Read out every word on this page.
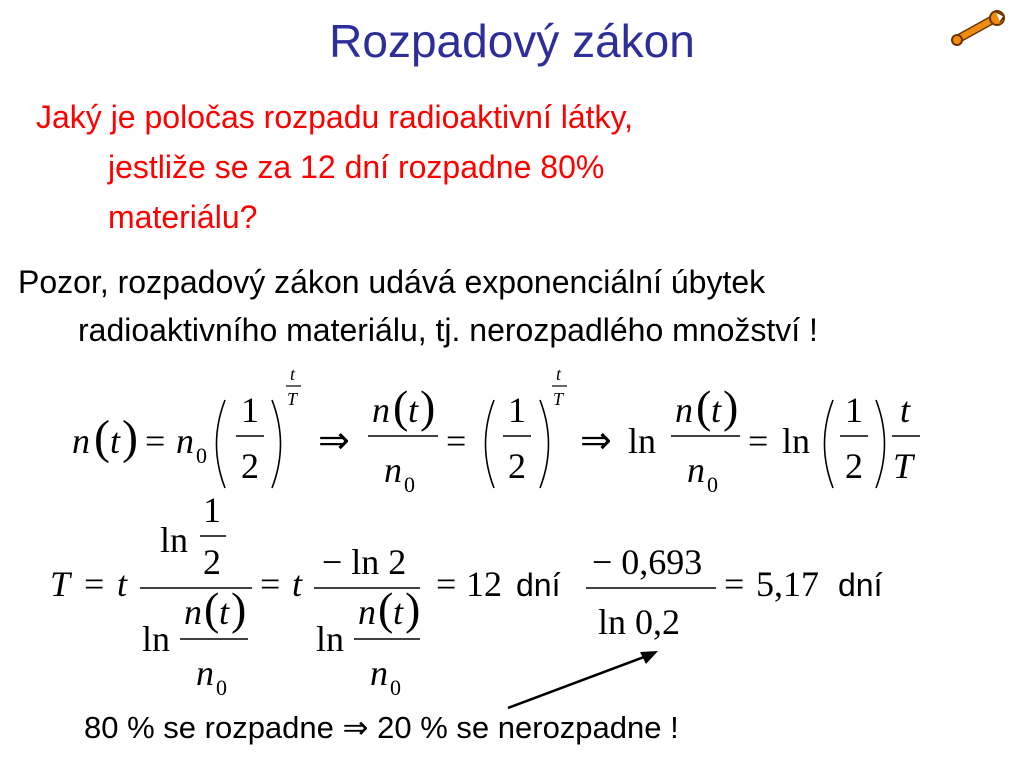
Rozpadový zákon
Jaký je poločas rozpadu radioaktivní látky,
jestliže se za 12 dní rozpadne 80%
materiálu?
Pozor, rozpadový zákon udává exponenciální úbytek
radioaktivního materiálu, tj. nerozpadlého množství !
n ( t ) = n 0
1
2
t
T
⇒
n ( t )
n 0
=
1
2
t
T
⇒ ln
n ( t )
n 0
= ln
1
2
t
T
T = t
ln
1
2
ln
n ( t )
n 0
= t
− ln 2
ln
n ( t )
n 0
= 12 dní
− 0,693
ln 0,2
= 5,17 dní
80 % se rozpadne ⇒ 20 % se nerozpadne !
